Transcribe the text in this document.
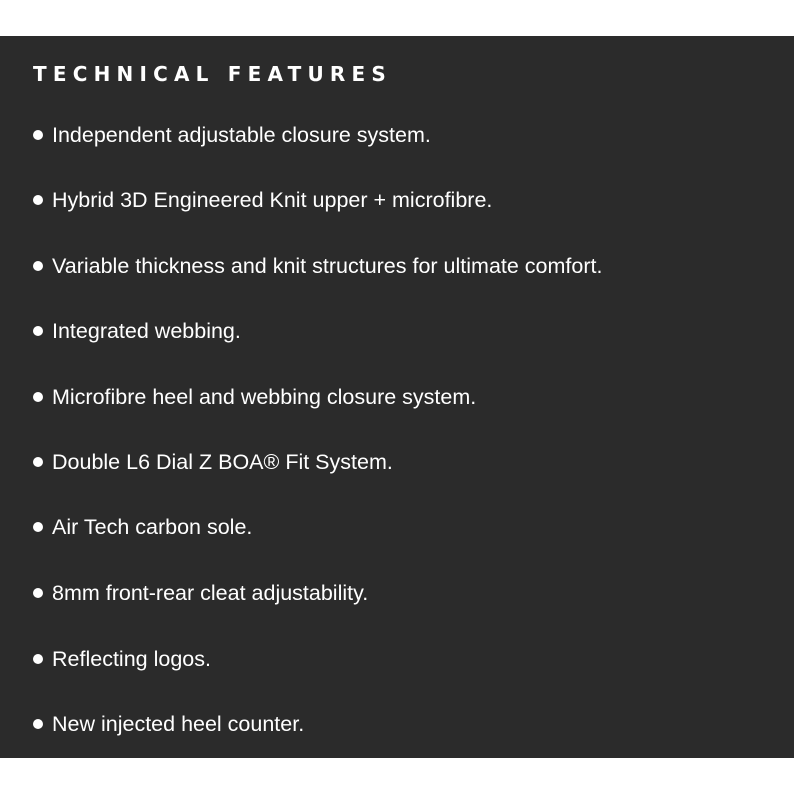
TECHNICAL FEATURES
Independent adjustable closure system.
Hybrid 3D Engineered Knit upper + microfibre.
Variable thickness and knit structures for ultimate comfort.
Integrated webbing.
Microfibre heel and webbing closure system.
Double L6 Dial Z BOA® Fit System.
Air Tech carbon sole.
8mm front-rear cleat adjustability.
Reflecting logos.
New injected heel counter.
